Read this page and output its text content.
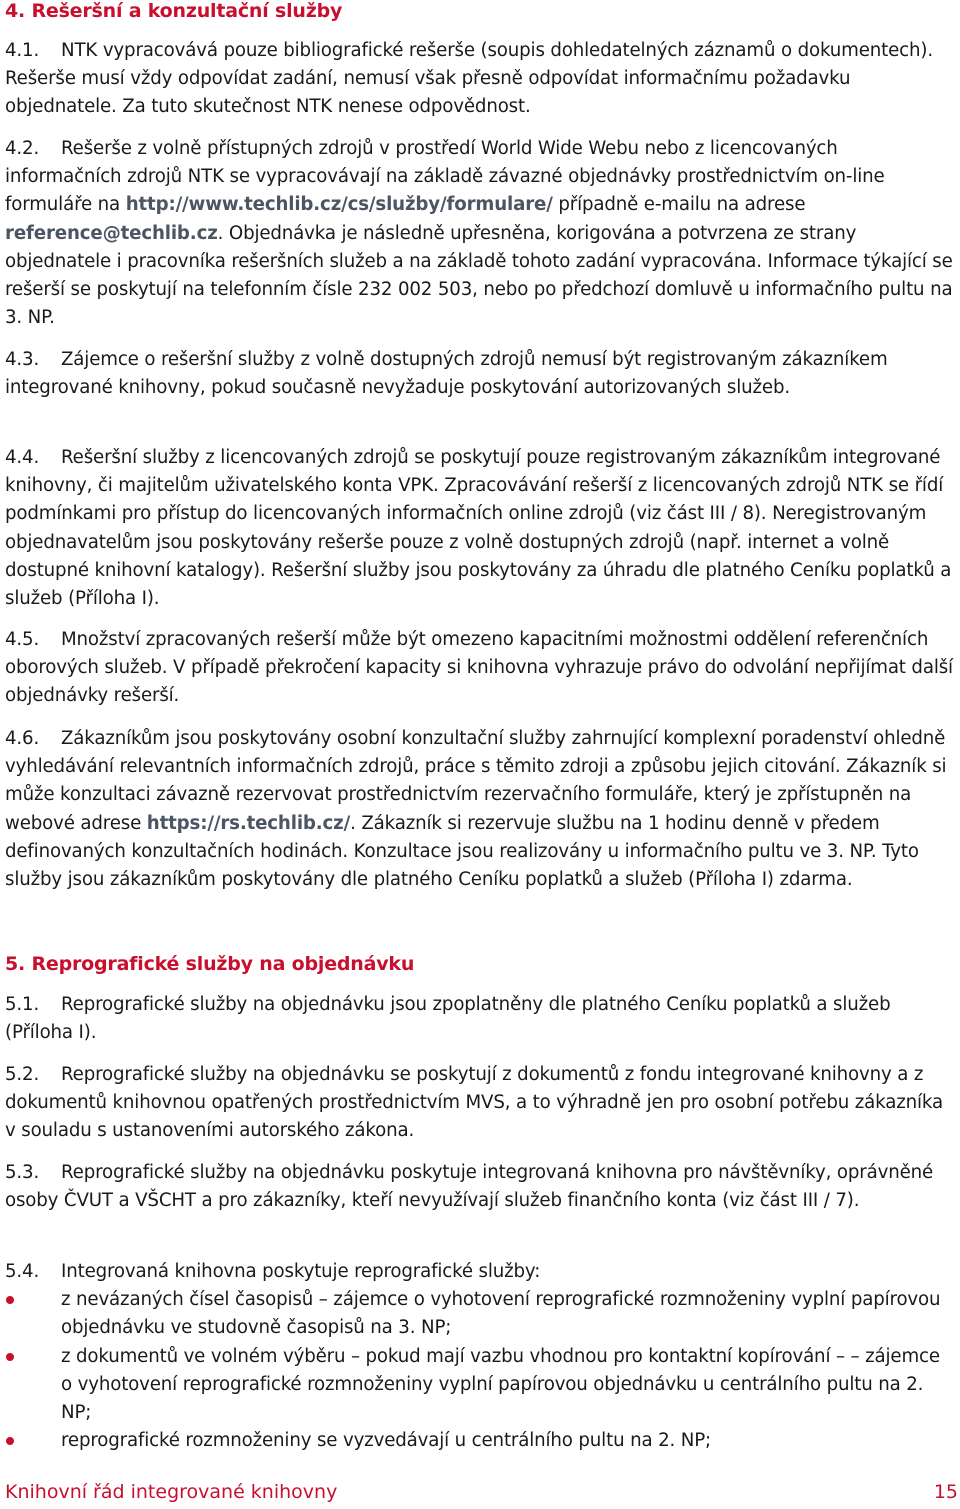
4. Rešeršní a konzultační služby
4.1. NTK vypracovává pouze bibliografické rešerše (soupis dohledatelných záznamů o dokumentech). Rešerše musí vždy odpovídat zadání, nemusí však přesně odpovídat informačnímu požadavku objednatele. Za tuto skutečnost NTK nenese odpovědnost.
4.2. Rešerše z volně přístupných zdrojů v prostředí World Wide Webu nebo z licencovaných informačních zdrojů NTK se vypracovávají na základě závazné objednávky prostřednictvím on-line formuláře na http://www.techlib.cz/cs/služby/formulare/ případně e-mailu na adrese reference@techlib.cz. Objednávka je následně upřesněna, korigována a potvrzena ze strany objednatele i pracovníka rešeršních služeb a na základě tohoto zadání vypracována. Informace týkající se rešerší se poskytují na telefonním čísle 232 002 503, nebo po předchozí domluvě u informačního pultu na 3. NP.
4.3. Zájemce o rešeršní služby z volně dostupných zdrojů nemusí být registrovaným zákazníkem integrované knihovny, pokud současně nevyžaduje poskytování autorizovaných služeb.
4.4. Rešeršní služby z licencovaných zdrojů se poskytují pouze registrovaným zákazníkům integrované knihovny, či majitelům uživatelského konta VPK. Zpracovávání rešerší z licencovaných zdrojů NTK se řídí podmínkami pro přístup do licencovaných informačních online zdrojů (viz část III / 8). Neregistrovaným objednavatelům jsou poskytovány rešerše pouze z volně dostupných zdrojů (např. internet a volně dostupné knihovní katalogy). Rešeršní služby jsou poskytovány za úhradu dle platného Ceníku poplatků a služeb (Příloha I).
4.5. Množství zpracovaných rešerší může být omezeno kapacitními možnostmi oddělení referenčních oborových služeb. V případě překročení kapacity si knihovna vyhrazuje právo do odvolání nepřijímat další objednávky rešerší.
4.6. Zákazníkům jsou poskytovány osobní konzultační služby zahrnující komplexní poradenství ohledně vyhledávání relevantních informačních zdrojů, práce s těmito zdroji a způsobu jejich citování. Zákazník si může konzultaci závazně rezervovat prostřednictvím rezervačního formuláře, který je zpřístupněn na webové adrese https://rs.techlib.cz/. Zákazník si rezervuje službu na 1 hodinu denně v předem definovaných konzultačních hodinách. Konzultace jsou realizovány u informačního pultu ve 3. NP. Tyto služby jsou zákazníkům poskytovány dle platného Ceníku poplatků a služeb (Příloha I) zdarma.
5. Reprografické služby na objednávku
5.1. Reprografické služby na objednávku jsou zpoplatněny dle platného Ceníku poplatků a služeb (Příloha I).
5.2. Reprografické služby na objednávku se poskytují z dokumentů z fondu integrované knihovny a z dokumentů knihovnou opatřených prostřednictvím MVS, a to výhradně jen pro osobní potřebu zákazníka v souladu s ustanoveními autorského zákona.
5.3. Reprografické služby na objednávku poskytuje integrovaná knihovna pro návštěvníky, oprávněné osoby ČVUT a VŠCHT a pro zákazníky, kteří nevyužívají služeb finančního konta (viz část III / 7).
5.4. Integrovaná knihovna poskytuje reprografické služby:
z nevázaných čísel časopisů – zájemce o vyhotovení reprografické rozmnoženiny vyplní papírovou objednávku ve studovně časopisů na 3. NP;
z dokumentů ve volném výběru – pokud mají vazbu vhodnou pro kontaktní kopírování – – zájemce o vyhotovení reprografické rozmnoženiny vyplní papírovou objednávku u centrálního pultu na 2. NP;
reprografické rozmnoženiny se vyzvedávají u centrálního pultu na 2. NP;
Knihovní řád integrované knihovny	15
